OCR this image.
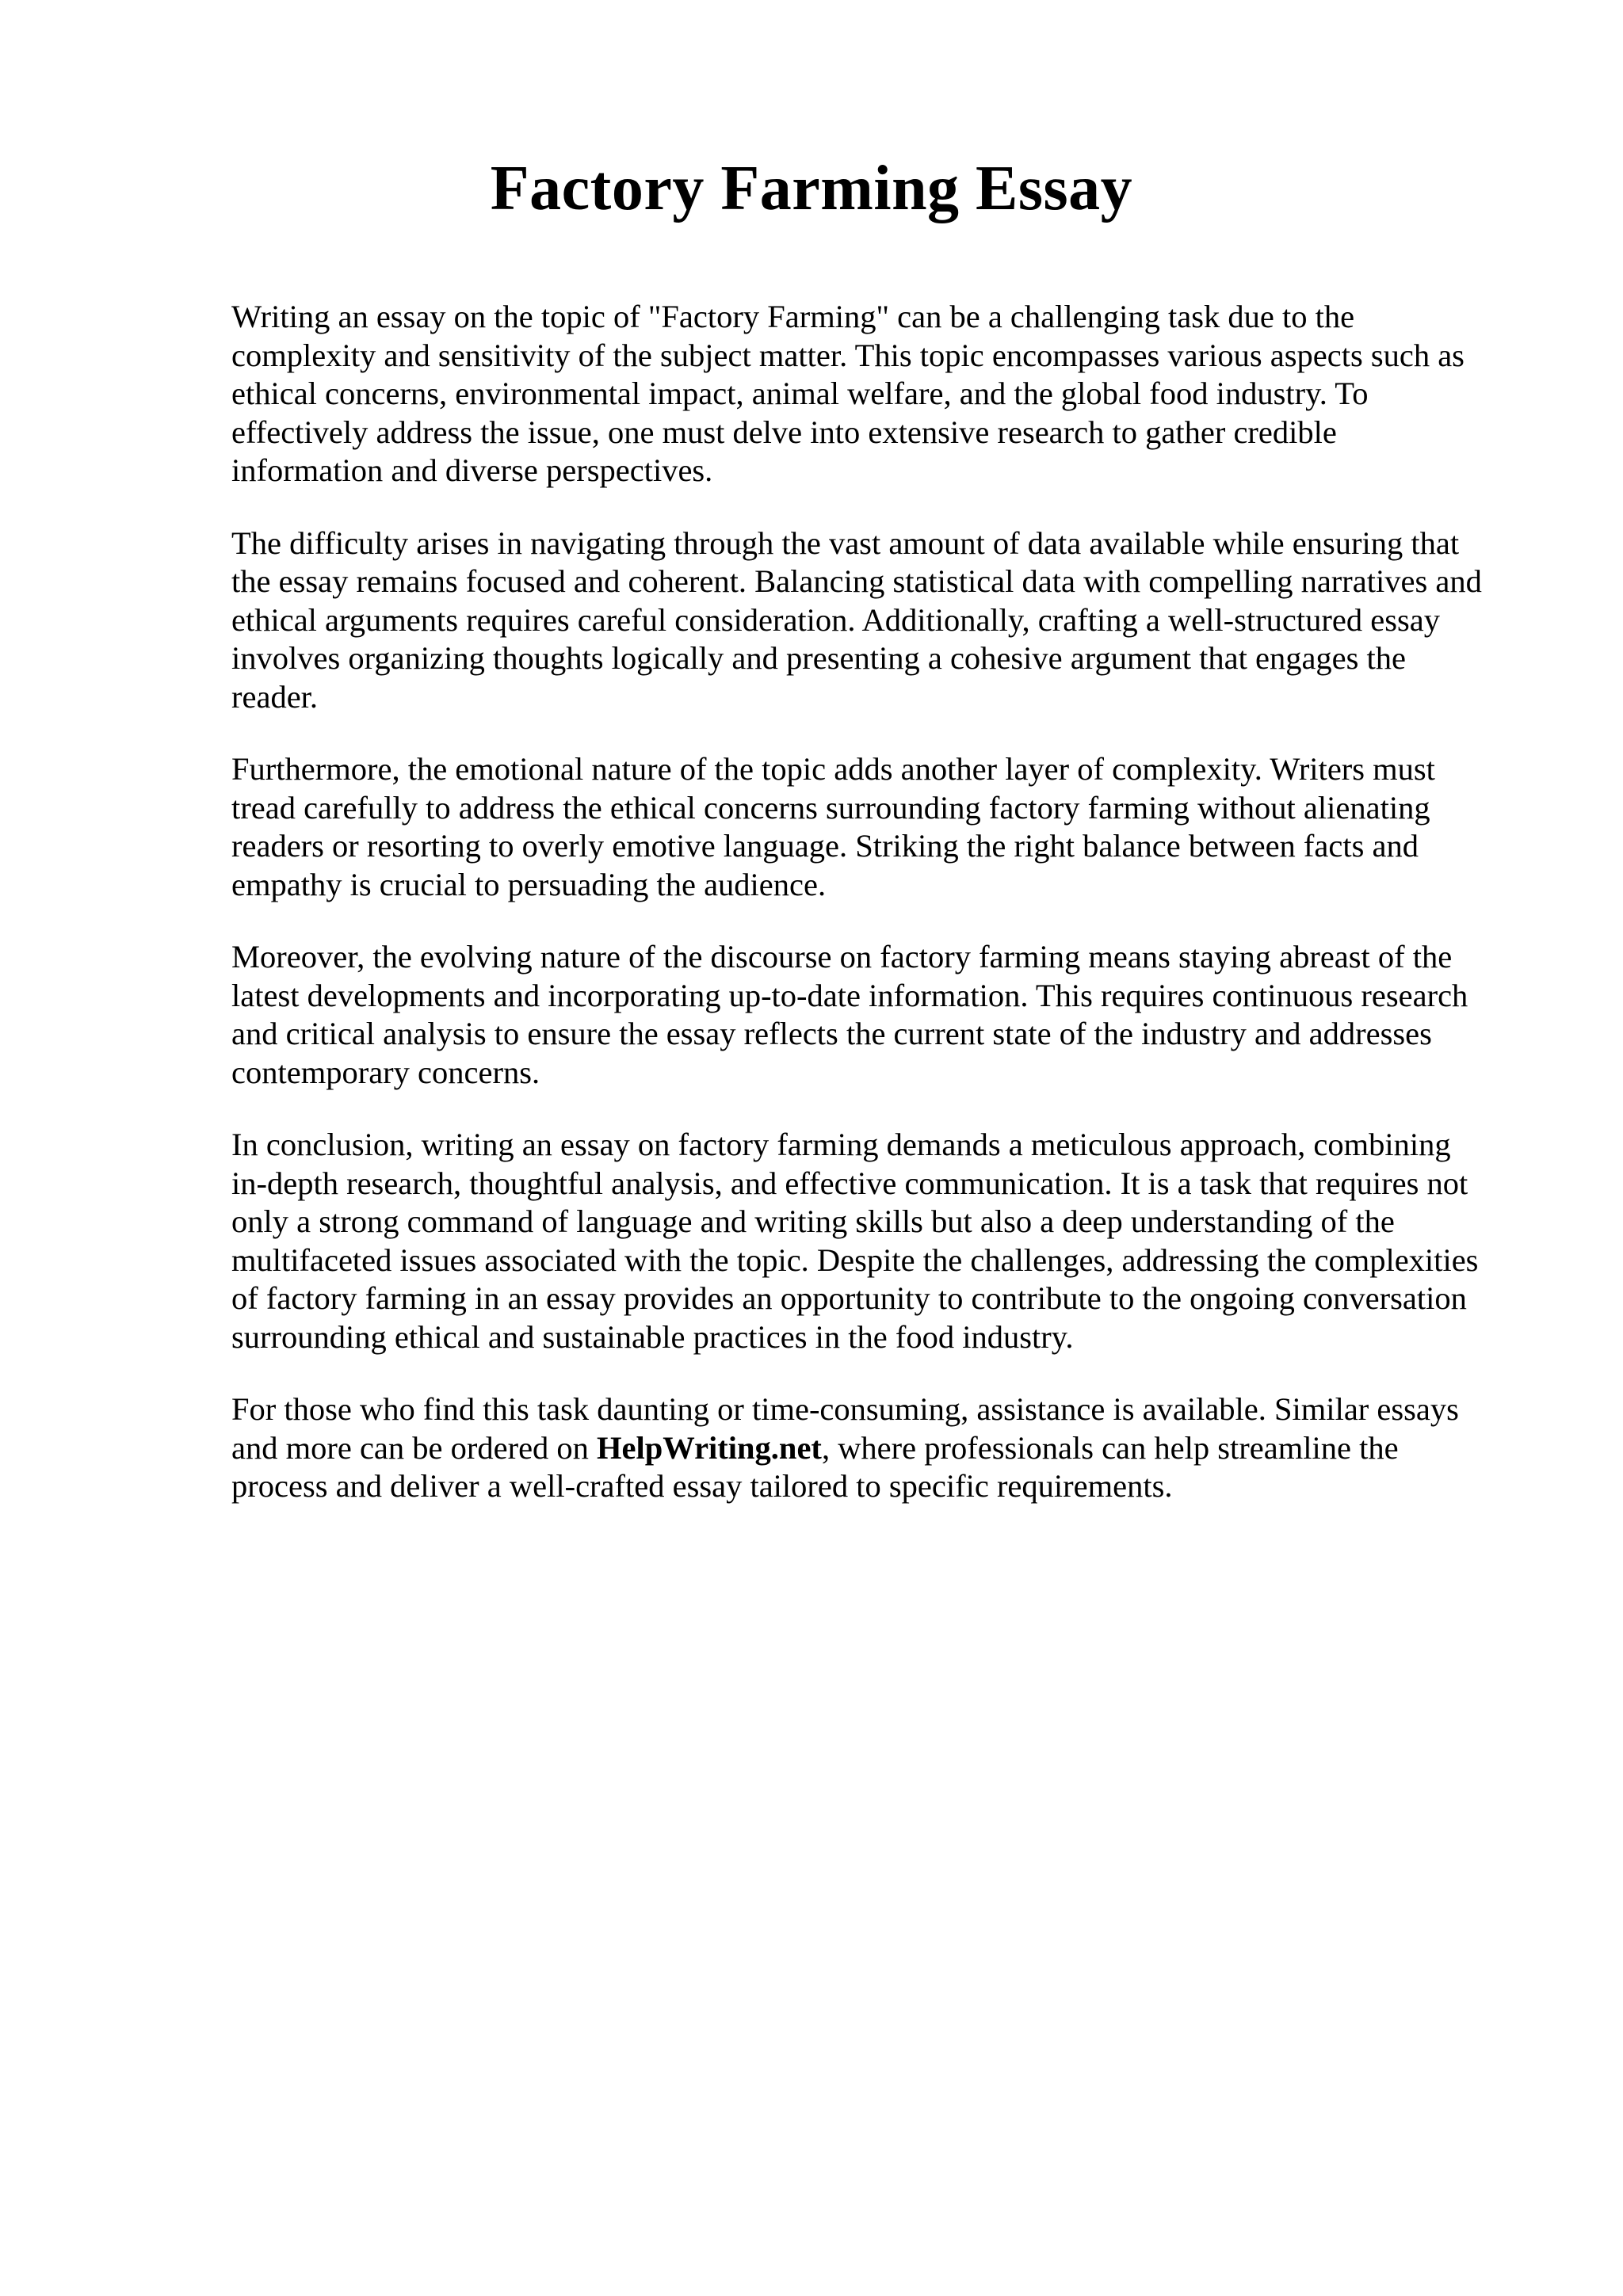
Factory Farming Essay

Writing an essay on the topic of "Factory Farming" can be a challenging task due to the
complexity and sensitivity of the subject matter. This topic encompasses various aspects such as
ethical concerns, environmental impact, animal welfare, and the global food industry. To
effectively address the issue, one must delve into extensive research to gather credible
information and diverse perspectives.

The difficulty arises in navigating through the vast amount of data available while ensuring that
the essay remains focused and coherent. Balancing statistical data with compelling narratives and
ethical arguments requires careful consideration. Additionally, crafting a well-structured essay
involves organizing thoughts logically and presenting a cohesive argument that engages the
reader.

Furthermore, the emotional nature of the topic adds another layer of complexity. Writers must
tread carefully to address the ethical concerns surrounding factory farming without alienating
readers or resorting to overly emotive language. Striking the right balance between facts and
empathy is crucial to persuading the audience.

Moreover, the evolving nature of the discourse on factory farming means staying abreast of the
latest developments and incorporating up-to-date information. This requires continuous research
and critical analysis to ensure the essay reflects the current state of the industry and addresses
contemporary concerns.

In conclusion, writing an essay on factory farming demands a meticulous approach, combining
in-depth research, thoughtful analysis, and effective communication. It is a task that requires not
only a strong command of language and writing skills but also a deep understanding of the
multifaceted issues associated with the topic. Despite the challenges, addressing the complexities
of factory farming in an essay provides an opportunity to contribute to the ongoing conversation
surrounding ethical and sustainable practices in the food industry.

For those who find this task daunting or time-consuming, assistance is available. Similar essays
and more can be ordered on HelpWriting.net, where professionals can help streamline the
process and deliver a well-crafted essay tailored to specific requirements.
